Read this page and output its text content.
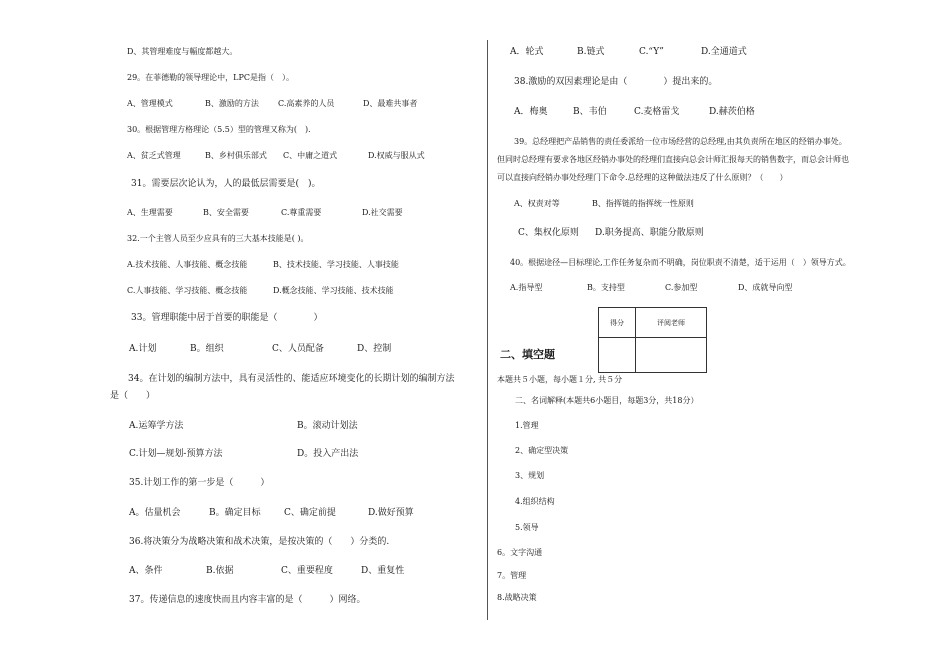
D、其管理难度与幅度都越大。
29。在菲德勒的领导理论中，LPC是指（　）。
A、管理模式	B、激励的方法 C.高素养的人员	D、最难共事者
30。根据管理方格理论（5.5）型的管理又称为(　)．
A、贫乏式管理	B、乡村俱乐部式 C、中庸之道式	D.权威与服从式
31。需要层次论认为，人的最低层需要是(　)。
A、生理需要	B、安全需要	C.尊重需要	D.社交需要
32.一个主管人员至少应具有的三大基本技能是( )。
A.技术技能、人事技能、概念技能	B、技术技能、学习技能、人事技能
C.人事技能、学习技能、概念技能	D.概念技能、学习技能、技术技能
33。管理职能中居于首要的职能是（　　　　）
A.计划	B。组织	C、人员配备	D、控制
34。在计划的编制方法中，具有灵活性的、能适应环境变化的长期计划的编制方法
是（　　）
A.运筹学方法	B。滚动计划法
C.计划—规划-预算方法	D。投入产出法
35.计划工作的第一步是（　　　）
A。估量机会	B。确定目标	C、确定前提	D.做好预算
36.将决策分为战略决策和战术决策，是按决策的（　　）分类的.
A、条件	B.依据	C、重要程度	D、重复性
37。传递信息的速度快而且内容丰富的是（　　　）网络。
A．轮式	B.链式	C.“Y”	D.全通道式
38.激励的双因素理论是由（　　　　）提出来的。
A．梅奥	B、韦伯	C.麦格雷戈	D.赫茨伯格
39。总经理把产品销售的责任委派给一位市场经营的总经理,由其负责所在地区的经销办事处。
但同时总经理有要求各地区经销办事处的经理们直接向总会计师汇报每天的销售数字，而总会计师也
可以直接向经销办事处经理门下命令.总经理的这种做法违反了什么原则？（　　）
A、权责对等	B、指挥链的指挥统一性原则
C、集权化原则 D.职务提高、职能分散原则
40。根据途径—目标理论,工作任务复杂而不明确，岗位职责不清楚，适于运用（　）领导方式。
A.指导型	B。支持型	C.参加型	D、成就导向型
得分	评阅老师

二、填空题
本题共５小题，每小题１分, 共５分
二、名词解释(本题共6小题目，每题3分，共18分）
1.管理
2、确定型决策
3、规划
4.组织结构
5.领导
6。文字沟通
7。管理
8.战略决策
